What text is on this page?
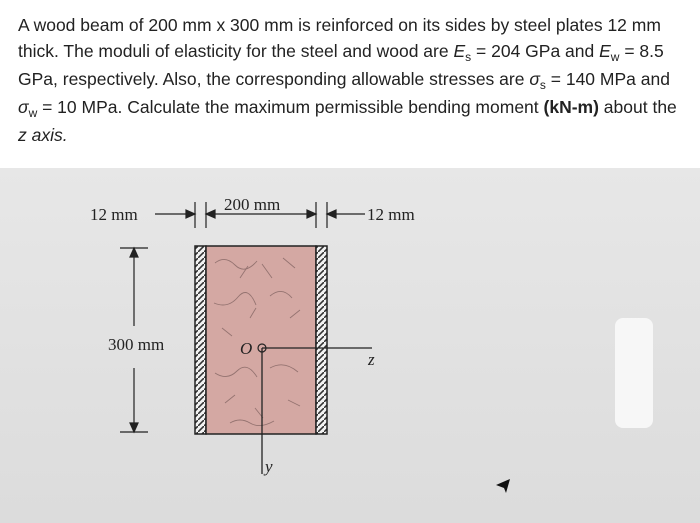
A wood beam of 200 mm x 300 mm is reinforced on its sides by steel plates 12 mm thick. The moduli of elasticity for the steel and wood are $E_s = 204$ GPa and $E_w = 8.5$ GPa, respectively. Also, the corresponding allowable stresses are $\sigma_s = 140$ MPa and $\sigma_w = 10$ MPa. Calculate the maximum permissible bending moment (kN-m) about the z axis.

O
z
y
200 mm
12 mm	12 mm
300 mm
